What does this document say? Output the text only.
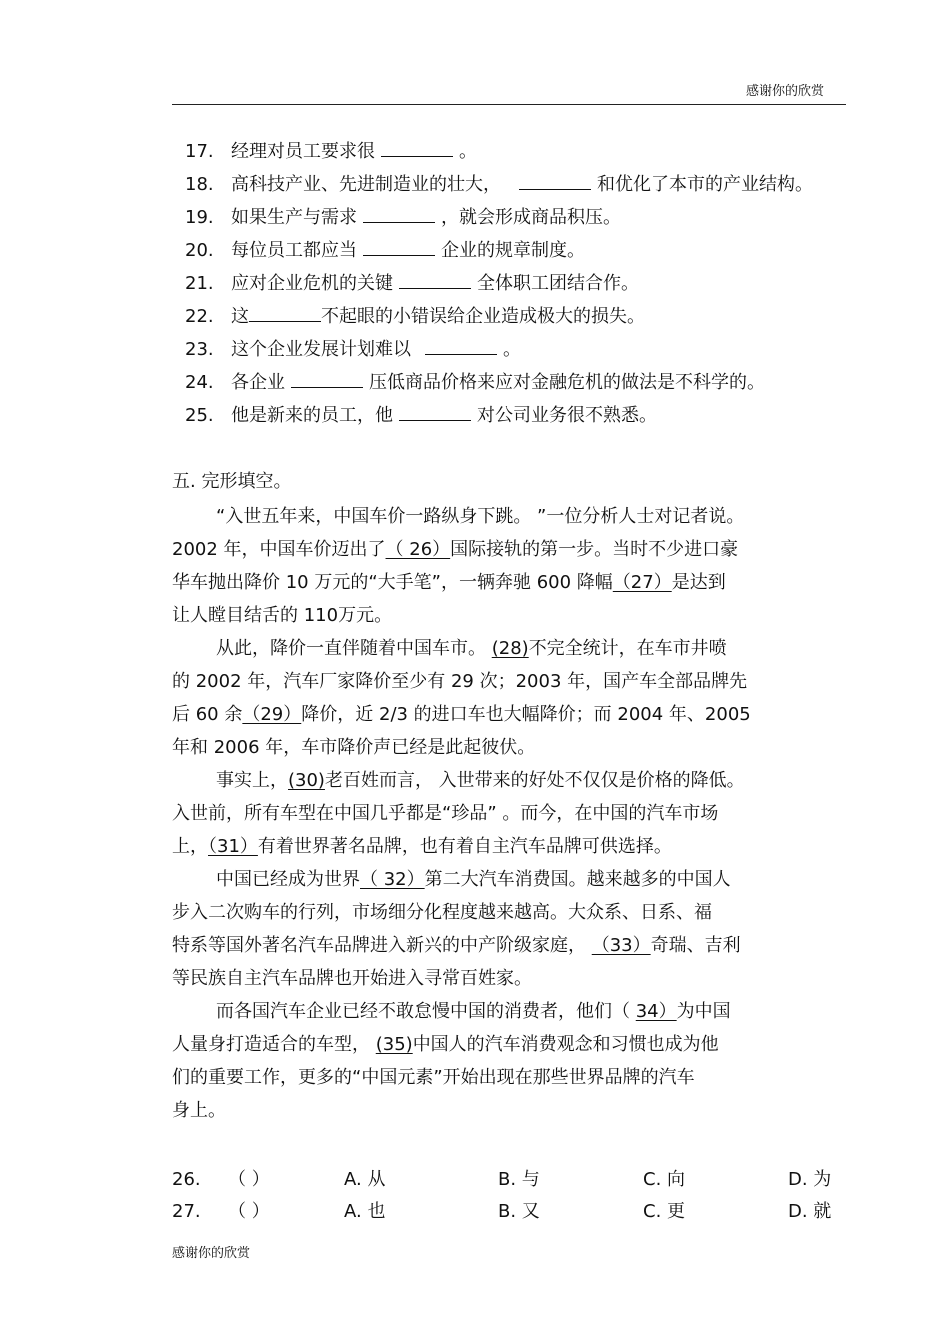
感谢你的欣赏
17. 经理对员工要求很	。
18. 高科技产业、先进制造业的壮大，	和优化了本市的产业结构。
19. 如果生产与需求	，就会形成商品积压。
20. 每位员工都应当	企业的规章制度。
21. 应对企业危机的关键	全体职工团结合作。
22. 这	不起眼的小错误给企业造成极大的损失。
23. 这个企业发展计划难以	。
24. 各企业	压低商品价格来应对金融危机的做法是不科学的。
25. 他是新来的员工，他	对公司业务很不熟悉。
五. 完形填空。
“入世五年来，中国车价一路纵身下跳。 ”一位分析人士对记者说。
2002 年，中国车价迈出了（ 26）国际接轨的第一步。当时不少进口豪
华车抛出降价 10 万元的“大手笔”，一辆奔驰 600 降幅（27）是达到
让人瞠目结舌的 110万元。
从此，降价一直伴随着中国车市。 (28)不完全统计，在车市井喷
的 2002 年，汽车厂家降价至少有 29 次；2003 年，国产车全部品牌先
后 60 余（29）降价，近 2/3 的进口车也大幅降价；而 2004 年、2005
年和 2006 年，车市降价声已经是此起彼伏。
事实上，(30)老百姓而言， 入世带来的好处不仅仅是价格的降低。
入世前，所有车型在中国几乎都是“珍品” 。而今，在中国的汽车市场
上，（31）有着世界著名品牌，也有着自主汽车品牌可供选择。
中国已经成为世界（ 32）第二大汽车消费国。越来越多的中国人
步入二次购车的行列，市场细分化程度越来越高。大众系、日系、福
特系等国外著名汽车品牌进入新兴的中产阶级家庭， （33）奇瑞、吉利
等民族自主汽车品牌也开始进入寻常百姓家。
而各国汽车企业已经不敢怠慢中国的消费者，他们（ 34）为中国
人量身打造适合的车型， (35)中国人的汽车消费观念和习惯也成为他
们的重要工作，更多的“中国元素”开始出现在那些世界品牌的汽车
身上。
26. （ ）	A. 从	B. 与	C. 向	D. 为
27. （ ）	A. 也	B. 又	C. 更	D. 就
感谢你的欣赏
